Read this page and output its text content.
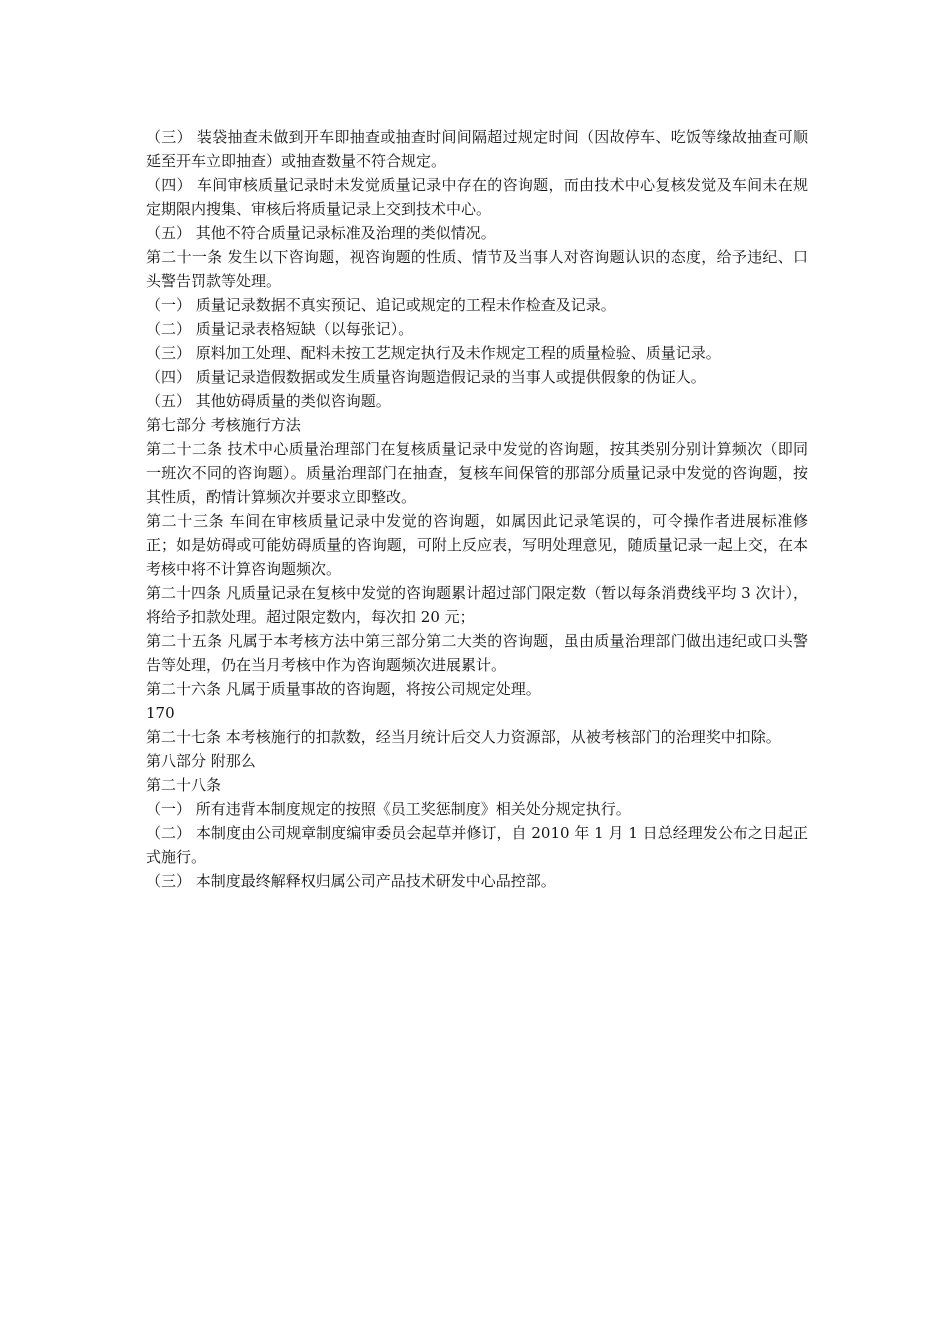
（三） 装袋抽查未做到开车即抽查或抽查时间间隔超过规定时间（因故停车、吃饭等缘故抽查可顺延至开车立即抽查）或抽查数量不符合规定。

（四） 车间审核质量记录时未发觉质量记录中存在的咨询题，而由技术中心复核发觉及车间未在规定期限内搜集、审核后将质量记录上交到技术中心。

（五） 其他不符合质量记录标准及治理的类似情况。

第二十一条 发生以下咨询题，视咨询题的性质、情节及当事人对咨询题认识的态度，给予违纪、口头警告罚款等处理。

（一） 质量记录数据不真实预记、追记或规定的工程未作检查及记录。

（二） 质量记录表格短缺（以每张记）。

（三） 原料加工处理、配料未按工艺规定执行及未作规定工程的质量检验、质量记录。

（四） 质量记录造假数据或发生质量咨询题造假记录的当事人或提供假象的伪证人。

（五） 其他妨碍质量的类似咨询题。

第七部分 考核施行方法

第二十二条 技术中心质量治理部门在复核质量记录中发觉的咨询题，按其类别分别计算频次（即同一班次不同的咨询题）。质量治理部门在抽查，复核车间保管的那部分质量记录中发觉的咨询题，按其性质，酌情计算频次并要求立即整改。

第二十三条 车间在审核质量记录中发觉的咨询题，如属因此记录笔误的，可令操作者进展标准修正；如是妨碍或可能妨碍质量的咨询题，可附上反应表，写明处理意见，随质量记录一起上交，在本考核中将不计算咨询题频次。

第二十四条 凡质量记录在复核中发觉的咨询题累计超过部门限定数（暂以每条消费线平均 3 次计），将给予扣款处理。超过限定数内，每次扣 20 元；

第二十五条 凡属于本考核方法中第三部分第二大类的咨询题，虽由质量治理部门做出违纪或口头警告等处理，仍在当月考核中作为咨询题频次进展累计。

第二十六条 凡属于质量事故的咨询题，将按公司规定处理。

170

第二十七条 本考核施行的扣款数，经当月统计后交人力资源部，从被考核部门的治理奖中扣除。

第八部分 附那么

第二十八条

（一） 所有违背本制度规定的按照《员工奖惩制度》相关处分规定执行。

（二） 本制度由公司规章制度编审委员会起草并修订，自 2010 年 1 月 1 日总经理发公布之日起正式施行。

（三） 本制度最终解释权归属公司产品技术研发中心品控部。
